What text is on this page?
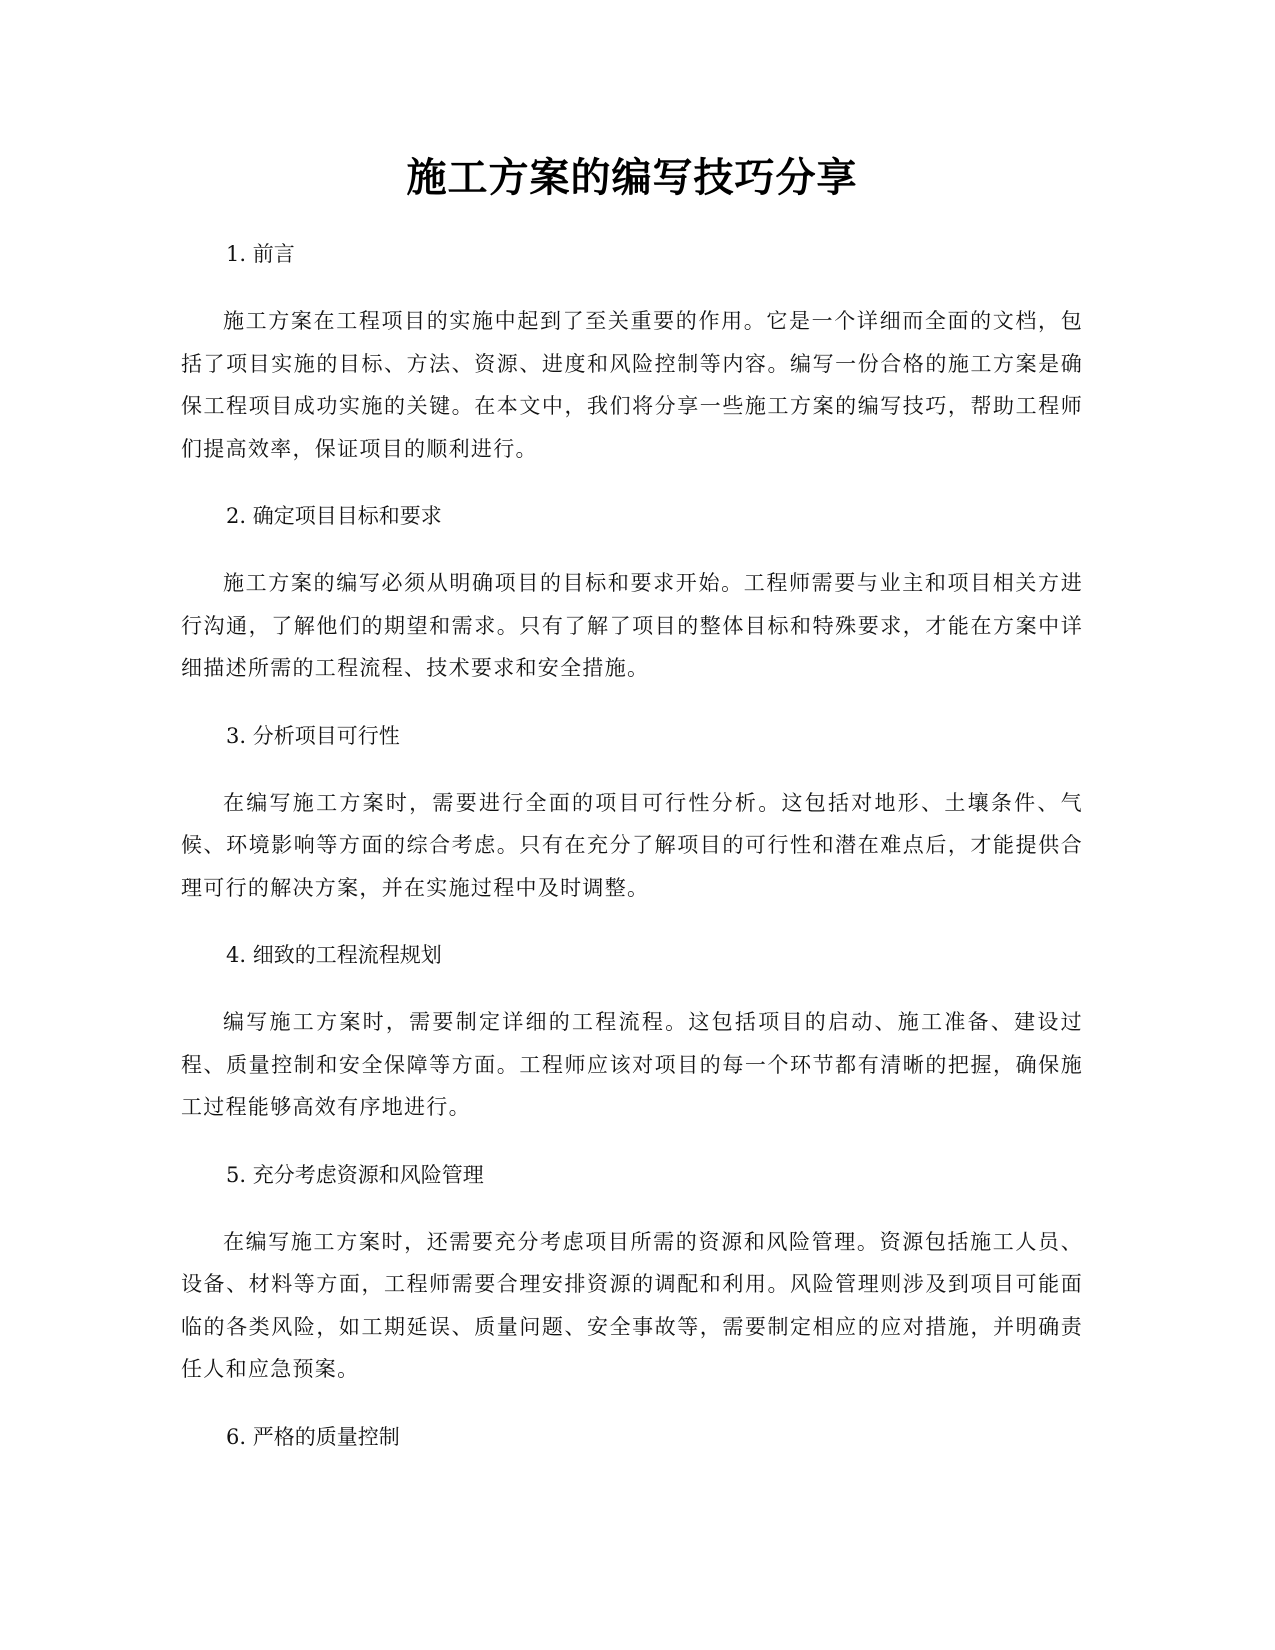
施工方案的编写技巧分享

1. 前言

施工方案在工程项目的实施中起到了至关重要的作用。它是一个详细而全面的文档，包括了项目实施的目标、方法、资源、进度和风险控制等内容。编写一份合格的施工方案是确保工程项目成功实施的关键。在本文中，我们将分享一些施工方案的编写技巧，帮助工程师们提高效率，保证项目的顺利进行。

2. 确定项目目标和要求

施工方案的编写必须从明确项目的目标和要求开始。工程师需要与业主和项目相关方进行沟通，了解他们的期望和需求。只有了解了项目的整体目标和特殊要求，才能在方案中详细描述所需的工程流程、技术要求和安全措施。

3. 分析项目可行性

在编写施工方案时，需要进行全面的项目可行性分析。这包括对地形、土壤条件、气候、环境影响等方面的综合考虑。只有在充分了解项目的可行性和潜在难点后，才能提供合理可行的解决方案，并在实施过程中及时调整。

4. 细致的工程流程规划

编写施工方案时，需要制定详细的工程流程。这包括项目的启动、施工准备、建设过程、质量控制和安全保障等方面。工程师应该对项目的每一个环节都有清晰的把握，确保施工过程能够高效有序地进行。

5. 充分考虑资源和风险管理

在编写施工方案时，还需要充分考虑项目所需的资源和风险管理。资源包括施工人员、设备、材料等方面，工程师需要合理安排资源的调配和利用。风险管理则涉及到项目可能面临的各类风险，如工期延误、质量问题、安全事故等，需要制定相应的应对措施，并明确责任人和应急预案。

6. 严格的质量控制
